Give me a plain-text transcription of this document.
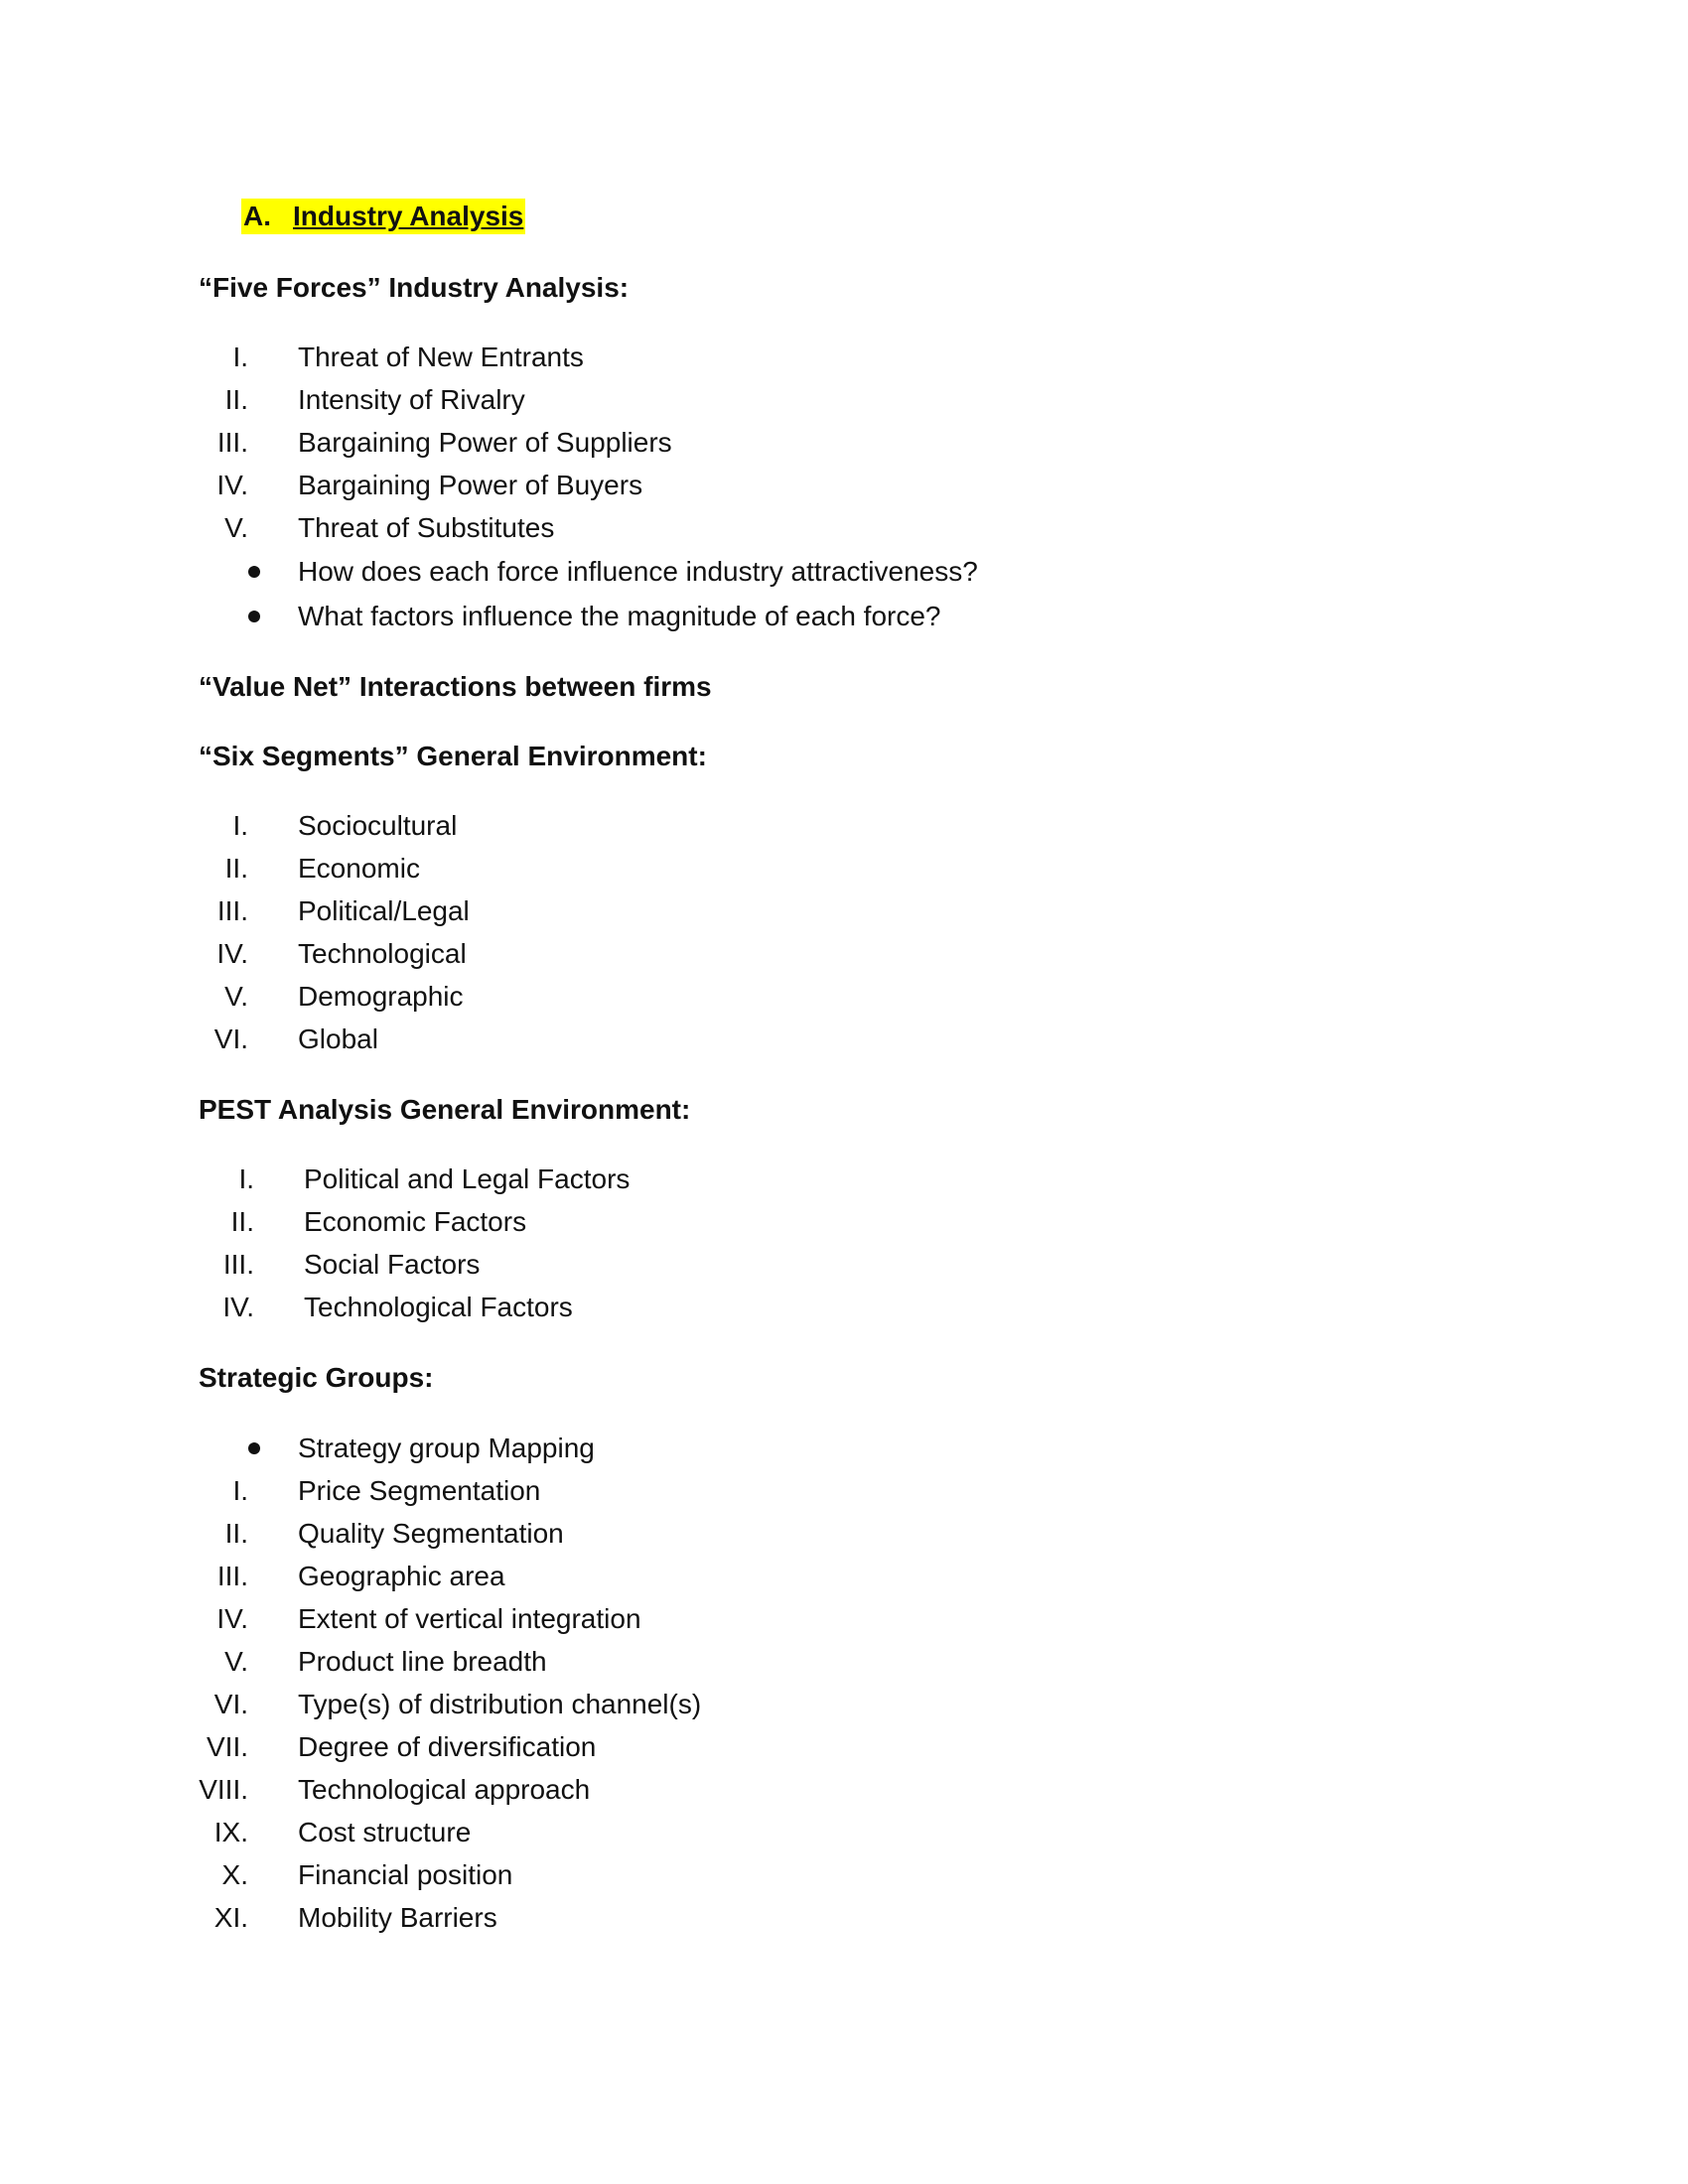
A. Industry Analysis
“Five Forces” Industry Analysis:
I. Threat of New Entrants
II. Intensity of Rivalry
III. Bargaining Power of Suppliers
IV. Bargaining Power of Buyers
V. Threat of Substitutes
How does each force influence industry attractiveness?
What factors influence the magnitude of each force?
“Value Net” Interactions between firms
“Six Segments” General Environment:
I. Sociocultural
II. Economic
III. Political/Legal
IV. Technological
V. Demographic
VI. Global
PEST Analysis General Environment:
I. Political and Legal Factors
II. Economic Factors
III. Social Factors
IV. Technological Factors
Strategic Groups:
Strategy group Mapping
I. Price Segmentation
II. Quality Segmentation
III. Geographic area
IV. Extent of vertical integration
V. Product line breadth
VI. Type(s) of distribution channel(s)
VII. Degree of diversification
VIII. Technological approach
IX. Cost structure
X. Financial position
XI. Mobility Barriers
